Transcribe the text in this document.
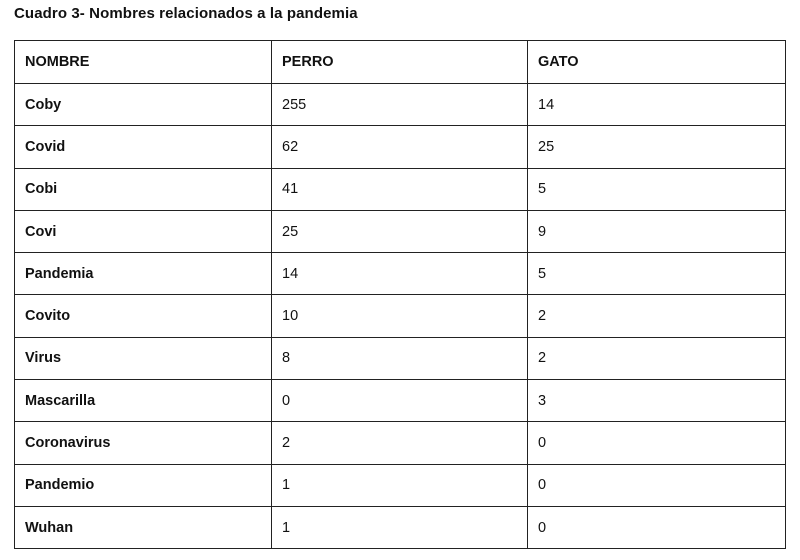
Cuadro 3- Nombres relacionados a la pandemia
NOMBRE	PERRO	GATO
Coby	255	14
Covid	62	25
Cobi	41	5
Covi	25	9
Pandemia	14	5
Covito	10	2
Virus	8	2
Mascarilla	0	3
Coronavirus	2	0
Pandemio	1	0
Wuhan	1	0
